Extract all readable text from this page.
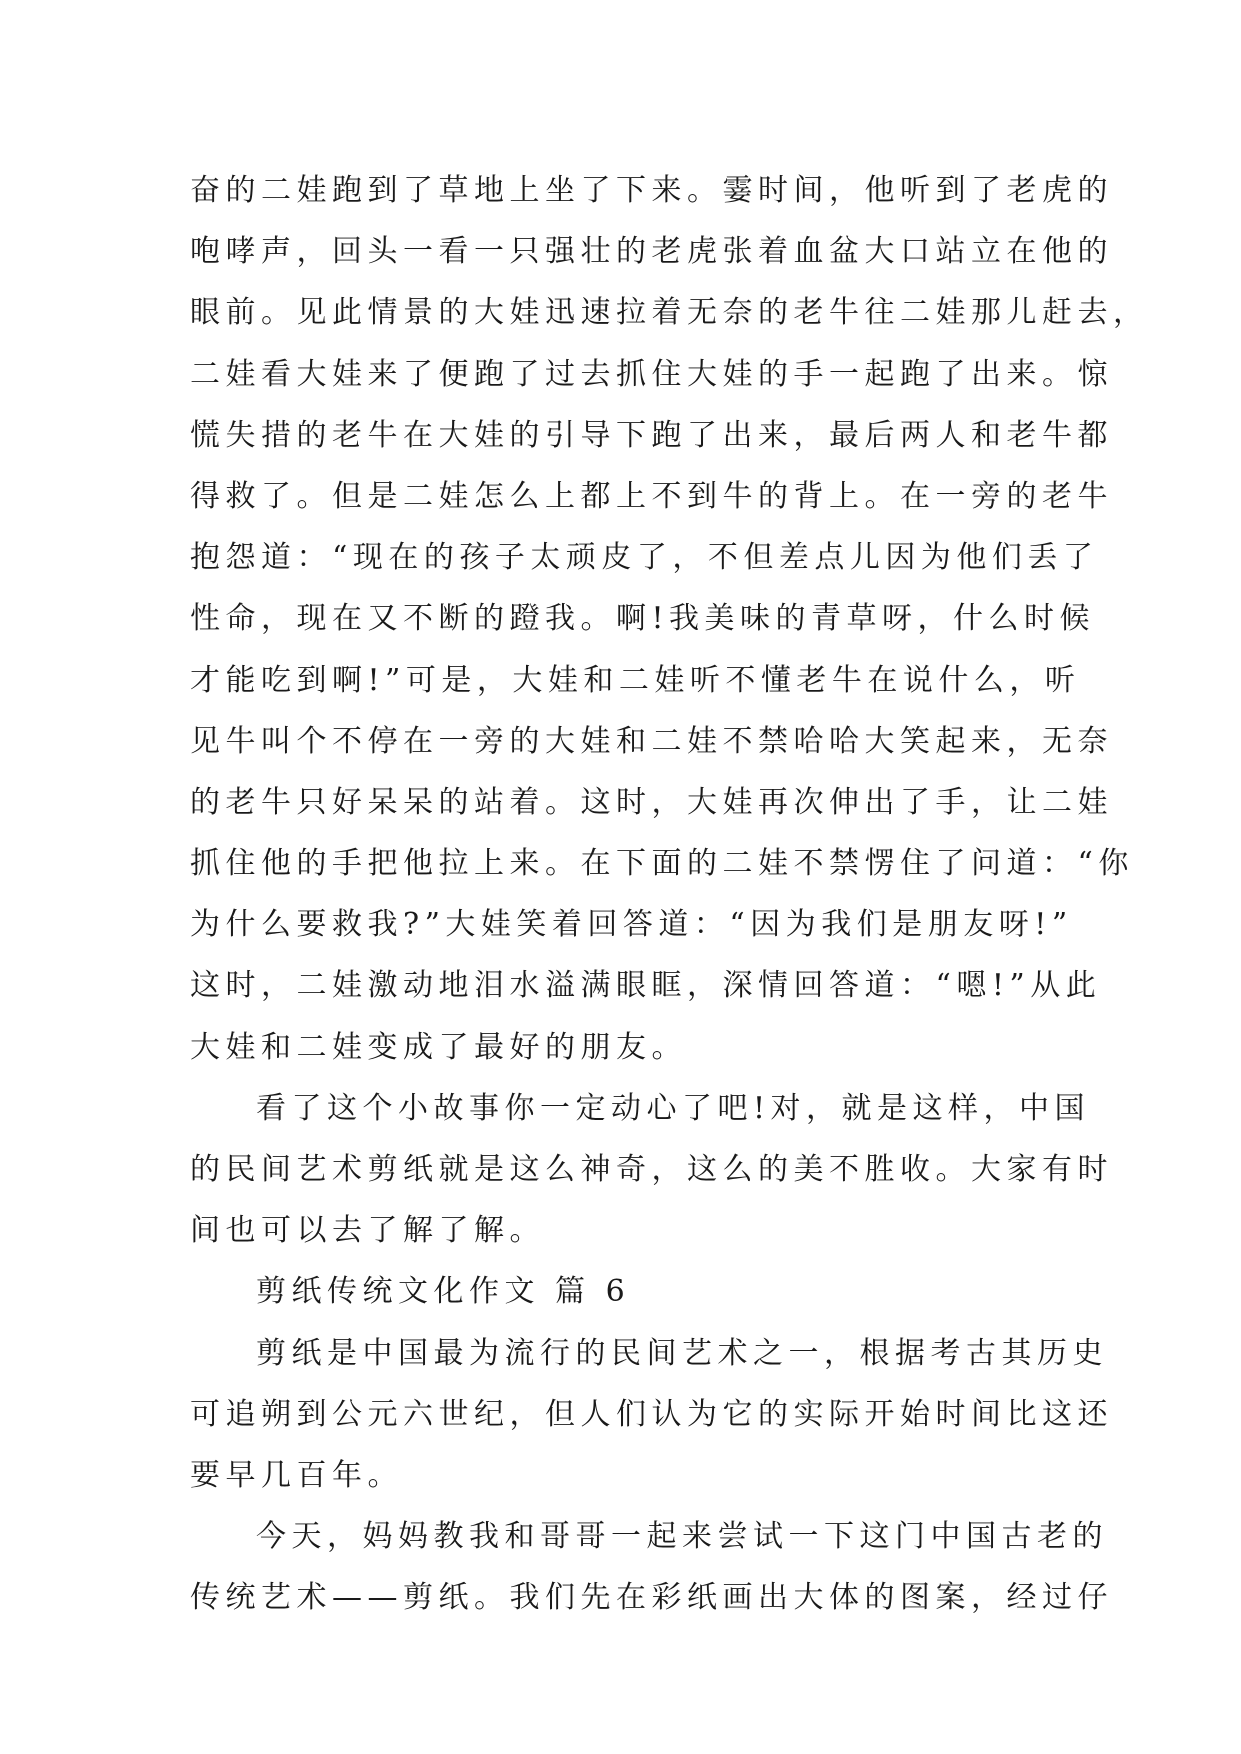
奋的二娃跑到了草地上坐了下来。霎时间，他听到了老虎的
咆哮声，回头一看一只强壮的老虎张着血盆大口站立在他的
眼前。见此情景的大娃迅速拉着无奈的老牛往二娃那儿赶去，
二娃看大娃来了便跑了过去抓住大娃的手一起跑了出来。惊
慌失措的老牛在大娃的引导下跑了出来，最后两人和老牛都
得救了。但是二娃怎么上都上不到牛的背上。在一旁的老牛
抱怨道：“现在的孩子太顽皮了，不但差点儿因为他们丢了
性命，现在又不断的蹬我。啊!我美味的青草呀，什么时候
才能吃到啊!”可是，大娃和二娃听不懂老牛在说什么，听
见牛叫个不停在一旁的大娃和二娃不禁哈哈大笑起来，无奈
的老牛只好呆呆的站着。这时，大娃再次伸出了手，让二娃
抓住他的手把他拉上来。在下面的二娃不禁愣住了问道：“你
为什么要救我?”大娃笑着回答道：“因为我们是朋友呀!”
这时，二娃激动地泪水溢满眼眶，深情回答道：“嗯!”从此
大娃和二娃变成了最好的朋友。
看了这个小故事你一定动心了吧!对，就是这样，中国
的民间艺术剪纸就是这么神奇，这么的美不胜收。大家有时
间也可以去了解了解。
剪纸传统文化作文 篇 6
剪纸是中国最为流行的民间艺术之一，根据考古其历史
可追朔到公元六世纪，但人们认为它的实际开始时间比这还
要早几百年。
今天，妈妈教我和哥哥一起来尝试一下这门中国古老的
传统艺术——剪纸。我们先在彩纸画出大体的图案，经过仔
